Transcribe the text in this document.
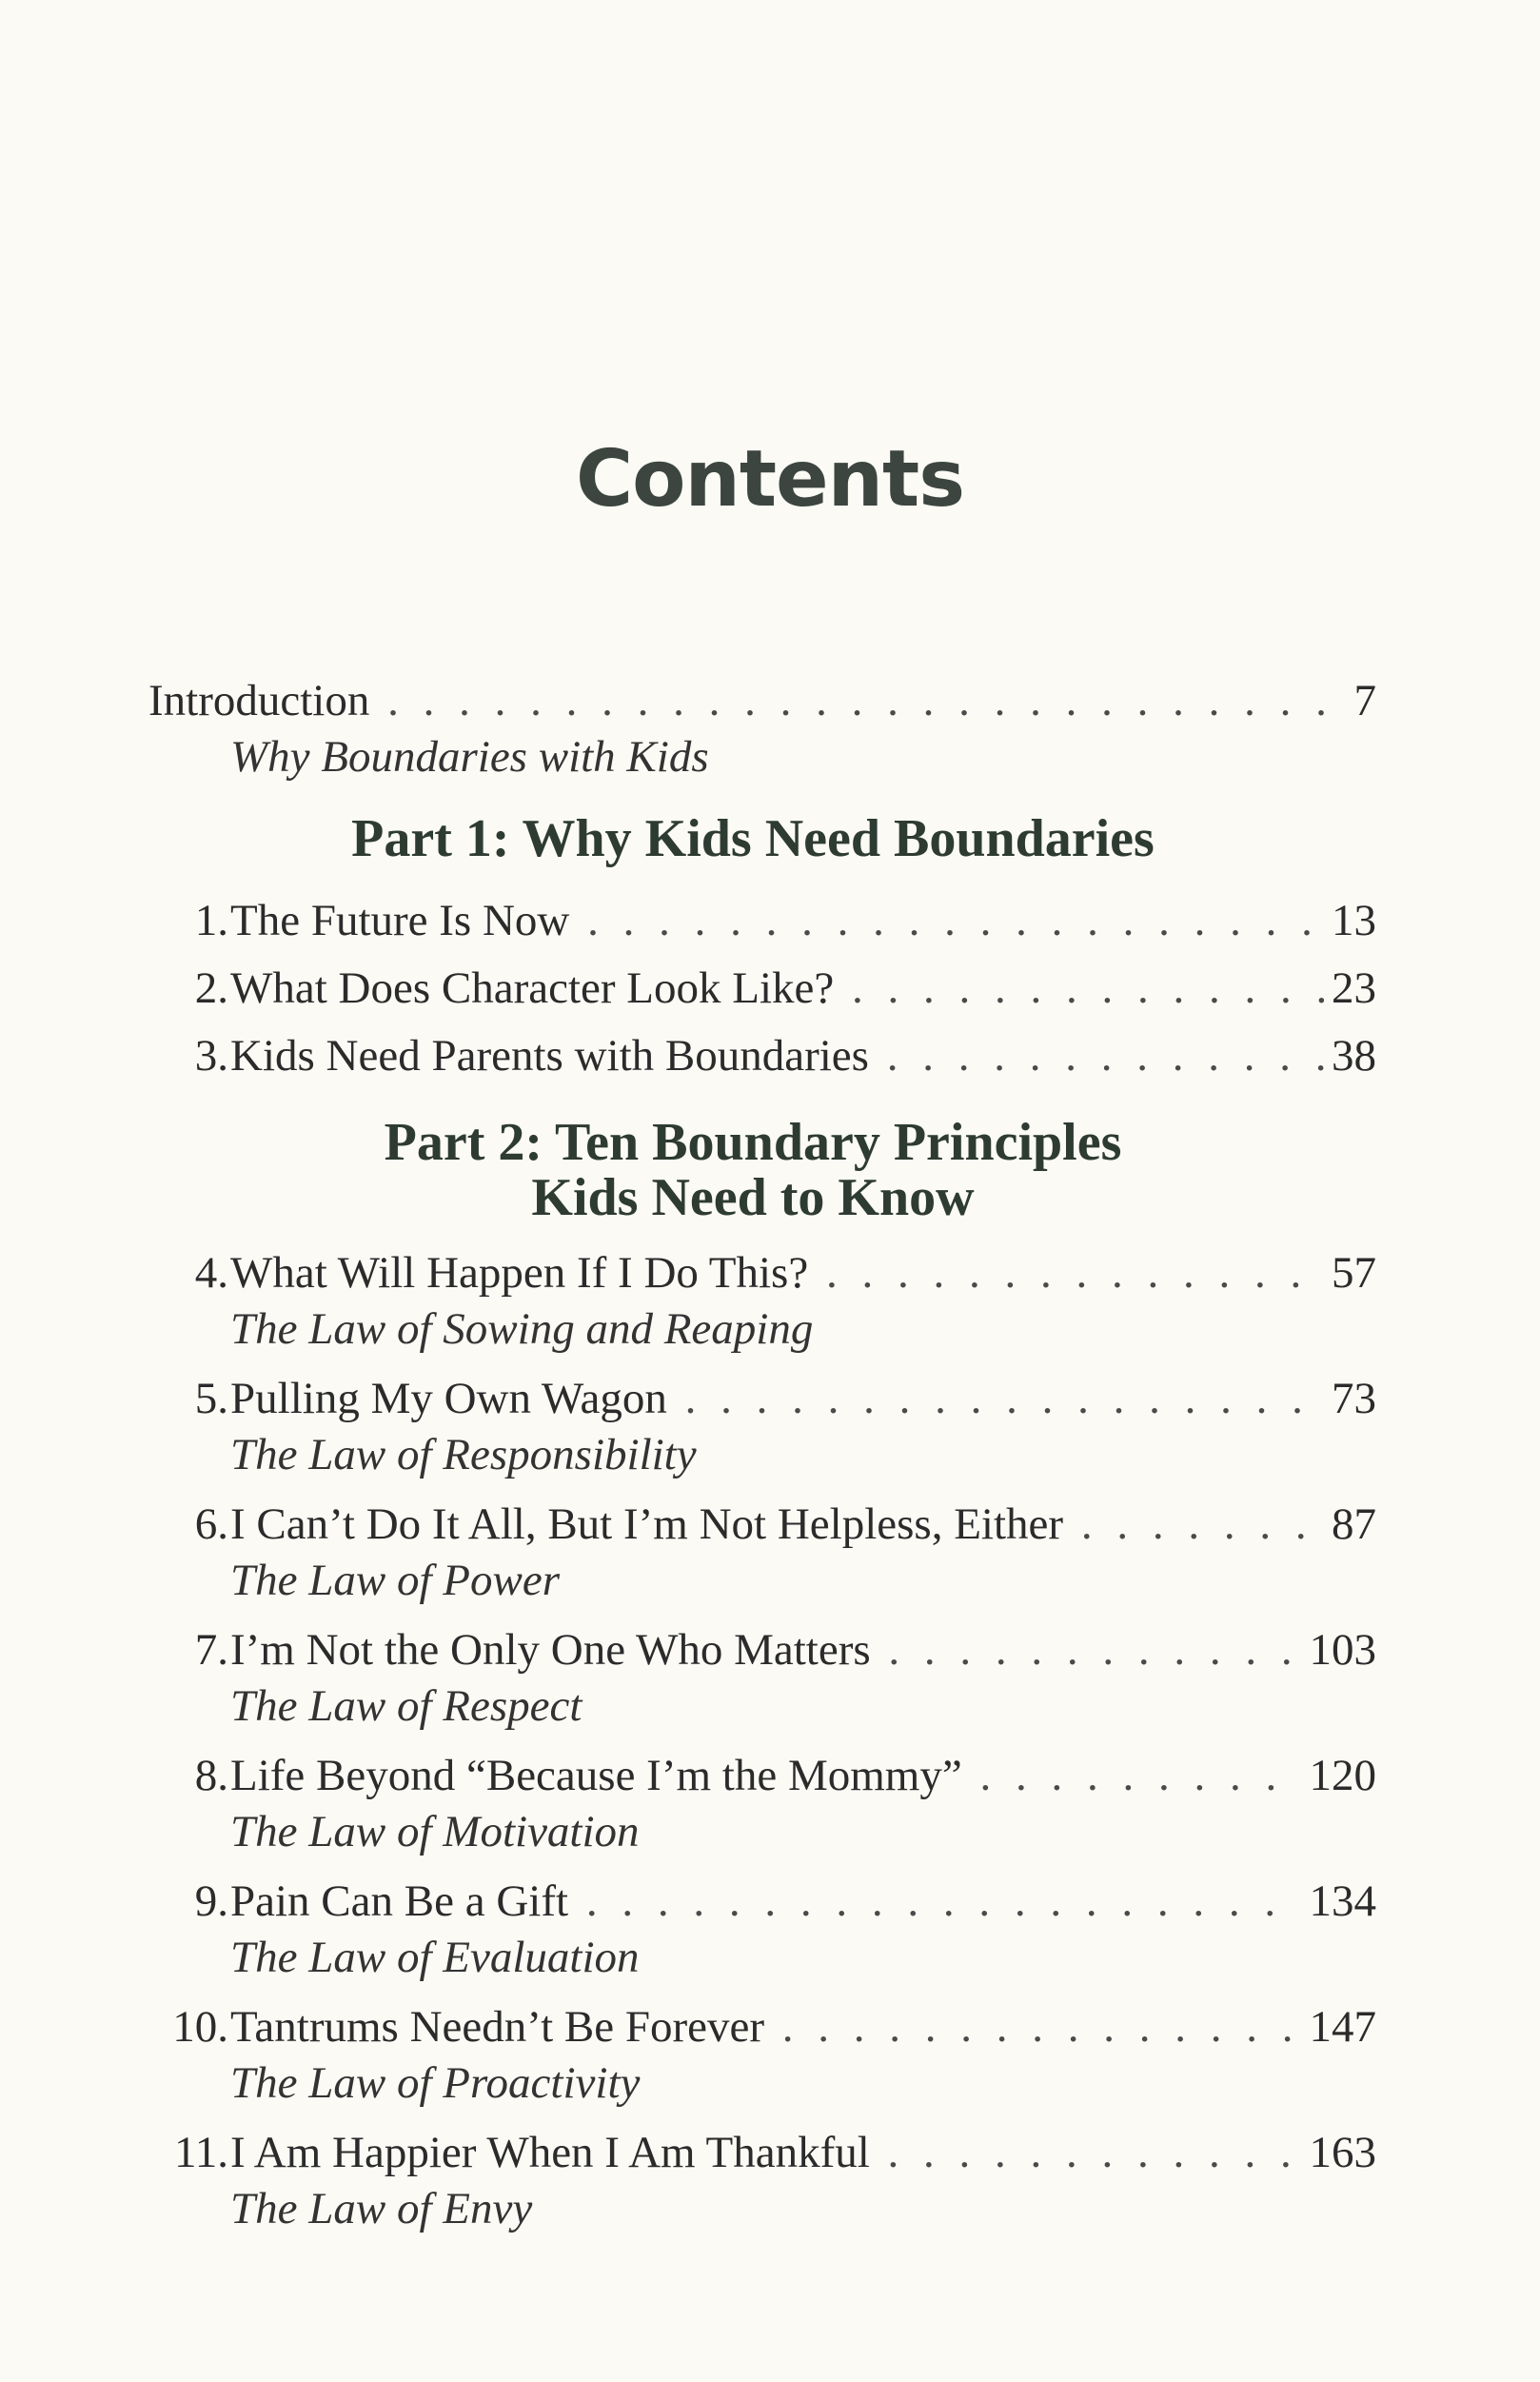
Contents
Introduction . . .	7
Why Boundaries with Kids
Part 1: Why Kids Need Boundaries
1. The Future Is Now . . .	13
2. What Does Character Look Like? . . .	23
3. Kids Need Parents with Boundaries . . .	38
Part 2: Ten Boundary Principles
Kids Need to Know
4. What Will Happen If I Do This? . . .	57
The Law of Sowing and Reaping
5. Pulling My Own Wagon . . .	73
The Law of Responsibility
6. I Can’t Do It All, But I’m Not Helpless, Either . . .	87
The Law of Power
7. I’m Not the Only One Who Matters . . .	103
The Law of Respect
8. Life Beyond “Because I’m the Mommy” . . .	120
The Law of Motivation
9. Pain Can Be a Gift . . .	134
The Law of Evaluation
10. Tantrums Needn’t Be Forever . . .	147
The Law of Proactivity
11. I Am Happier When I Am Thankful . . .	163
The Law of Envy
